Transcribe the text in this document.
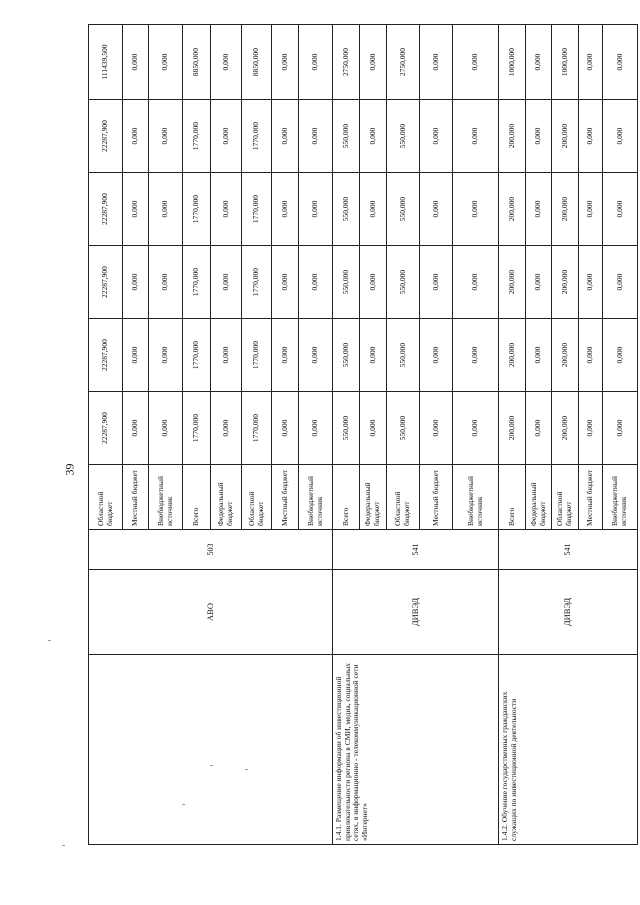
39
	АВО	503	Областной бюджет	22287,900	22287,900	22287,900	22287,900	22287,900	111439,500
			Местный бюджет	0,000	0,000	0,000	0,000	0,000	0,000
			Внебюджетный источник	0,000	0,000	0,000	0,000	0,000	0,000
			Всего	1770,000	1770,000	1770,000	1770,000	1770,000	8850,000
			Федеральный бюджет	0,000	0,000	0,000	0,000	0,000	0,000
			Областной бюджет	1770,000	1770,000	1770,000	1770,000	1770,000	8850,000
			Местный бюджет	0,000	0,000	0,000	0,000	0,000	0,000
			Внебюджетный источник	0,000	0,000	0,000	0,000	0,000	0,000
1.4.1. Размещение информации об инвестиционной привлекательности региона в СМИ, медиа, социальных сетях, в информационно - телекоммуникационной сети «Интернет»	ДИВЭД	541	Всего	550,000	550,000	550,000	550,000	550,000	2750,000
			Федеральный бюджет	0,000	0,000	0,000	0,000	0,000	0,000
			Областной бюджет	550,000	550,000	550,000	550,000	550,000	2750,000
			Местный бюджет	0,000	0,000	0,000	0,000	0,000	0,000
			Внебюджетный источник	0,000	0,000	0,000	0,000	0,000	0,000
1.4.2. Обучение государственных гражданских служащих по инвестиционной деятельности	ДИВЭД	541	Всего	200,000	200,000	200,000	200,000	200,000	1000,000
			Федеральный бюджет	0,000	0,000	0,000	0,000	0,000	0,000
			Областной бюджет	200,000	200,000	200,000	200,000	200,000	1000,000
			Местный бюджет	0,000	0,000	0,000	0,000	0,000	0,000
			Внебюджетный источник	0,000	0,000	0,000	0,000	0,000	0,000
